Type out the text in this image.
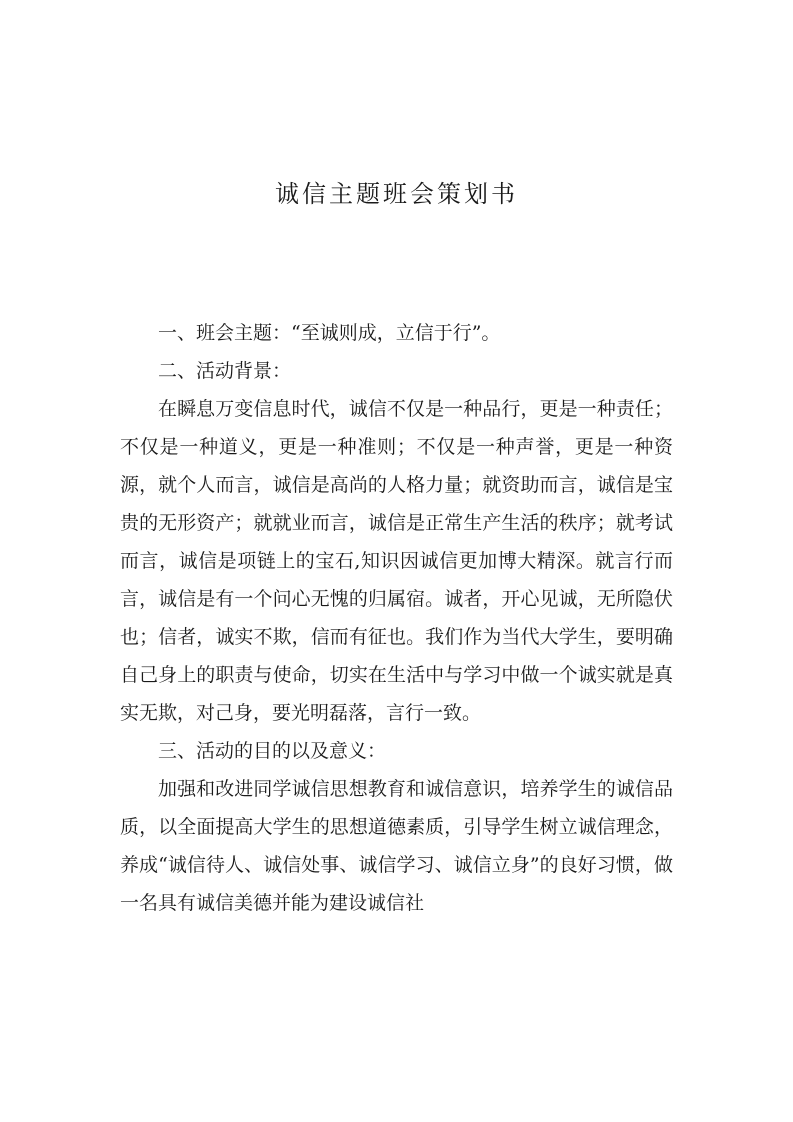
诚信主题班会策划书

一、班会主题：“至诚则成，立信于行”。

二、活动背景：

在瞬息万变信息时代，诚信不仅是一种品行，更是一种责任；不仅是一种道义，更是一种准则；不仅是一种声誉，更是一种资源，就个人而言，诚信是高尚的人格力量；就资助而言，诚信是宝贵的无形资产；就就业而言，诚信是正常生产生活的秩序；就考试而言，诚信是项链上的宝石,知识因诚信更加博大精深。就言行而言，诚信是有一个问心无愧的归属宿。诚者，开心见诚，无所隐伏也；信者，诚实不欺，信而有征也。我们作为当代大学生，要明确自己身上的职责与使命，切实在生活中与学习中做一个诚实就是真实无欺，对己身，要光明磊落，言行一致。

三、活动的目的以及意义：

加强和改进同学诚信思想教育和诚信意识，培养学生的诚信品质，以全面提高大学生的思想道德素质，引导学生树立诚信理念，养成“诚信待人、诚信处事、诚信学习、诚信立身”的良好习惯，做一名具有诚信美德并能为建设诚信社
